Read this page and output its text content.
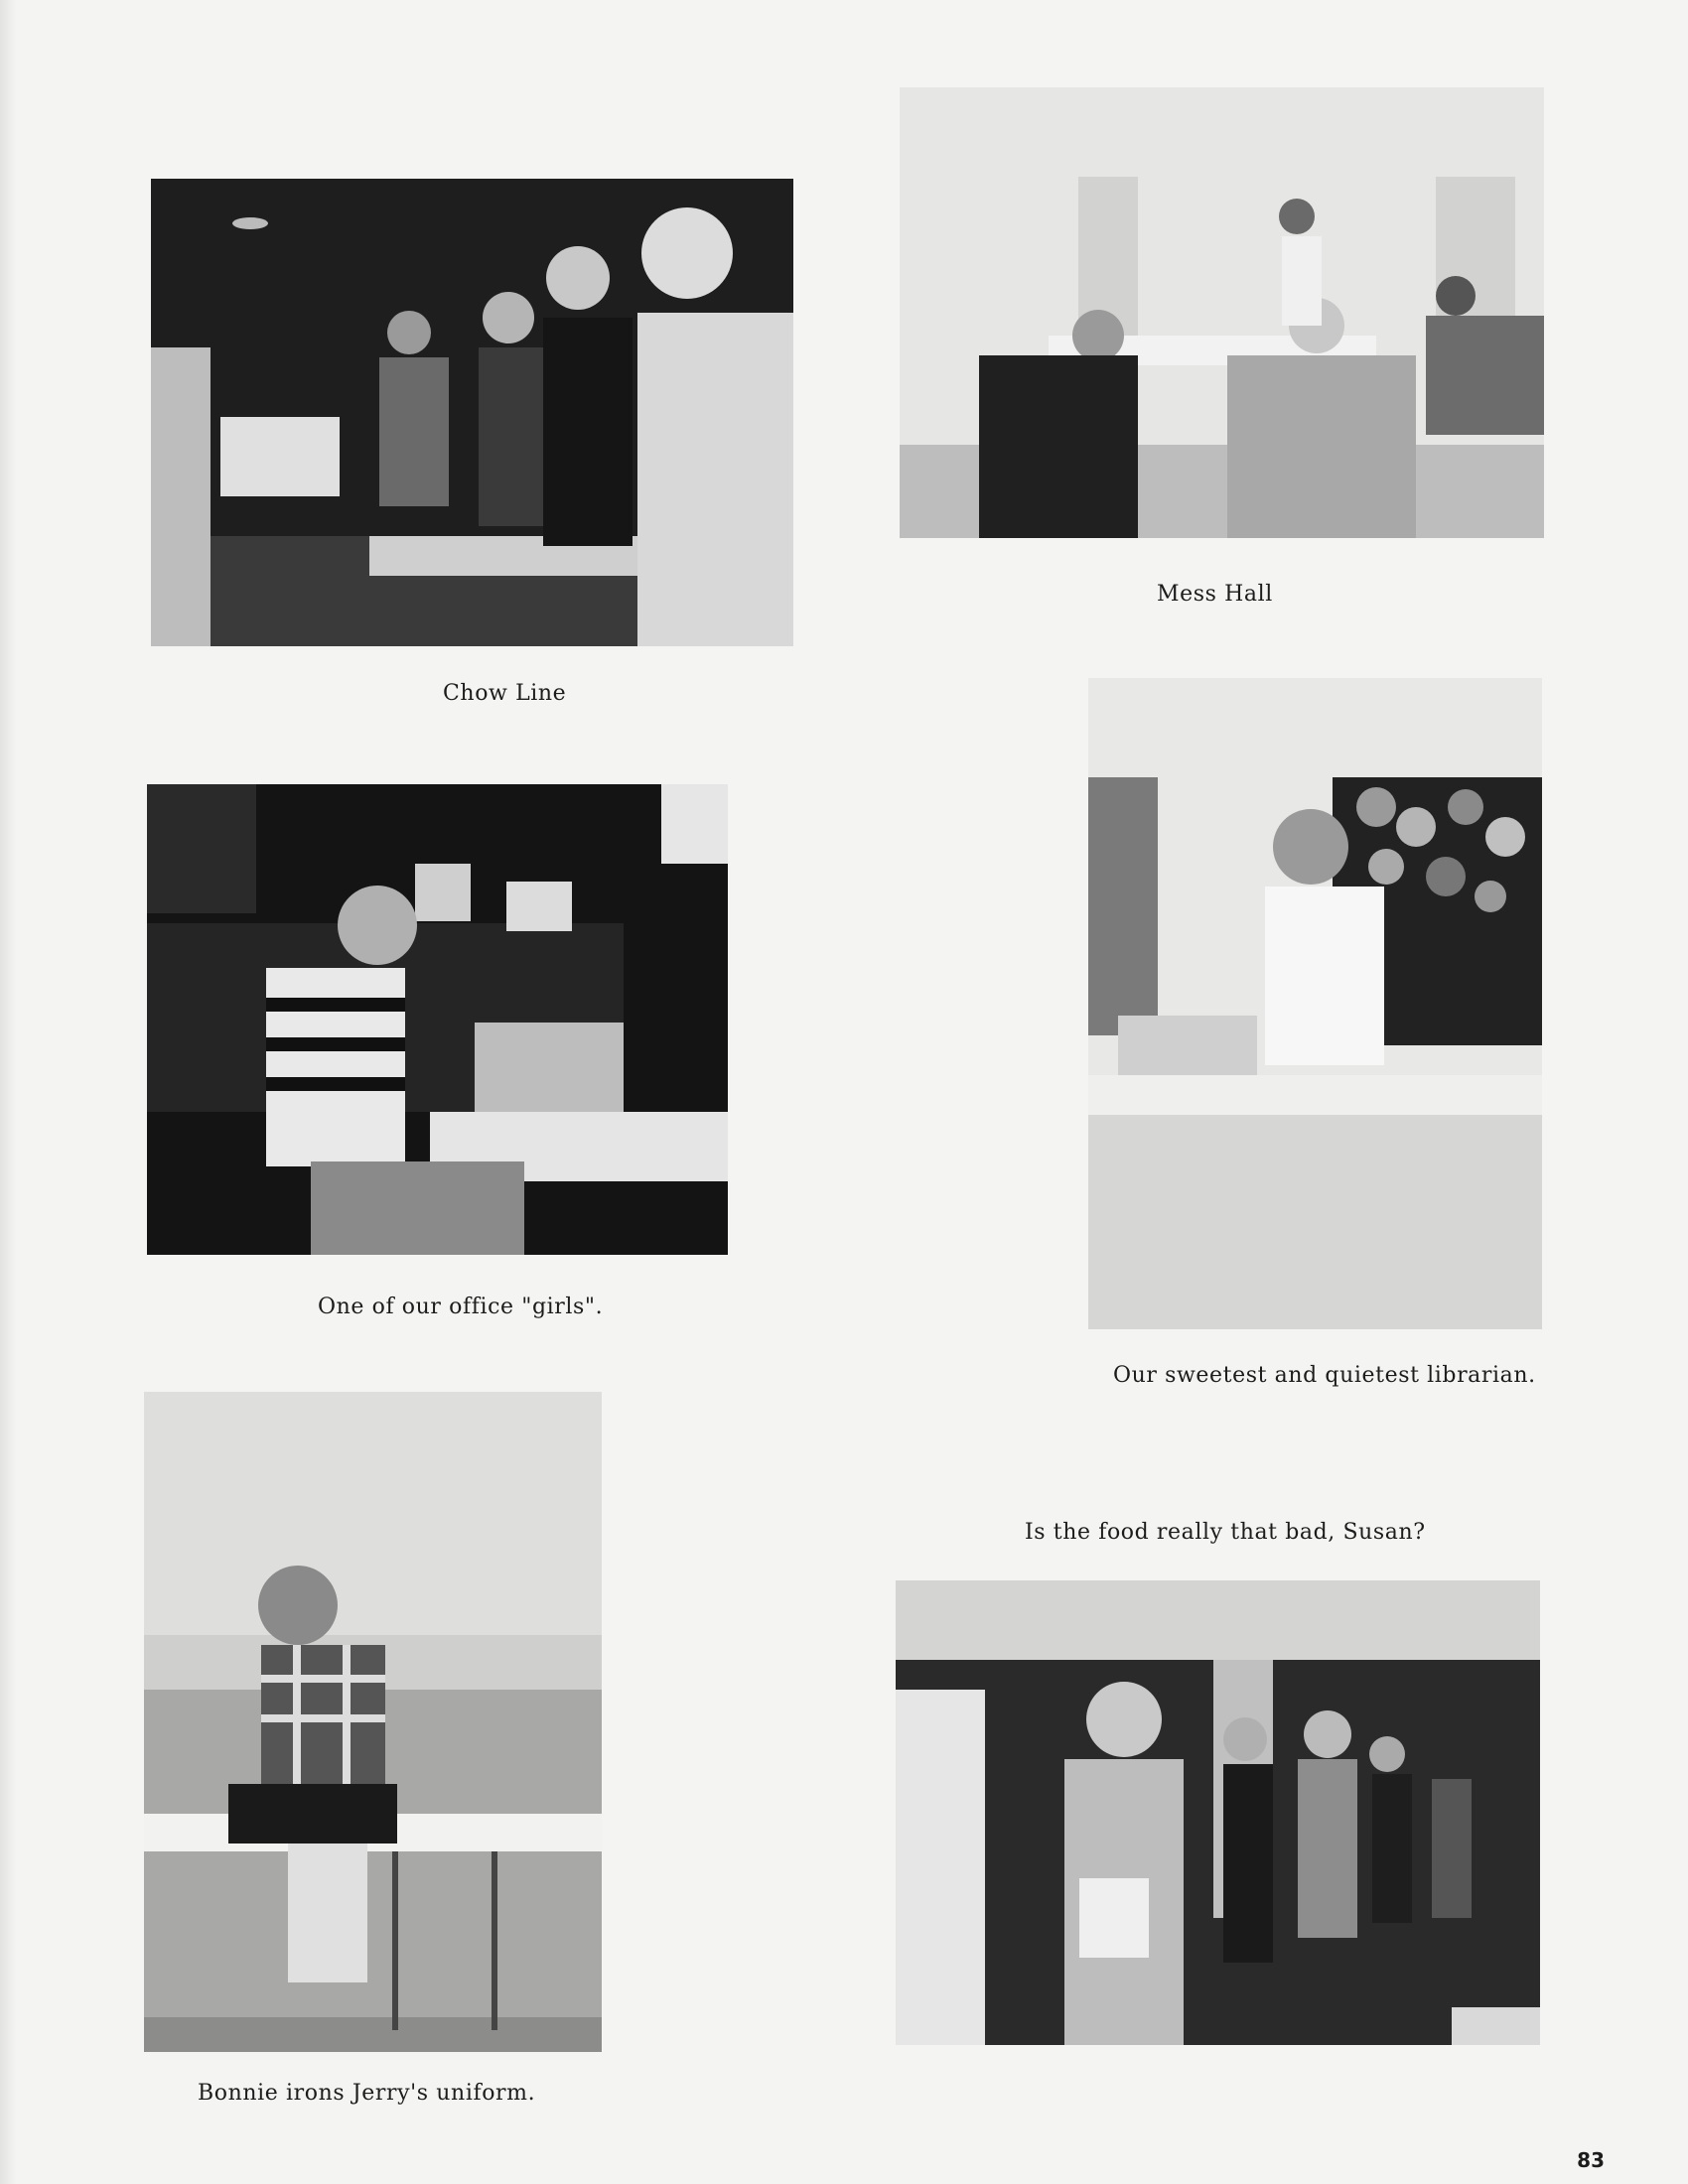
Chow Line
Mess Hall
One of our office "girls".
Our sweetest and quietest librarian.
Is the food really that bad, Susan?
Bonnie irons Jerry's uniform.
83
